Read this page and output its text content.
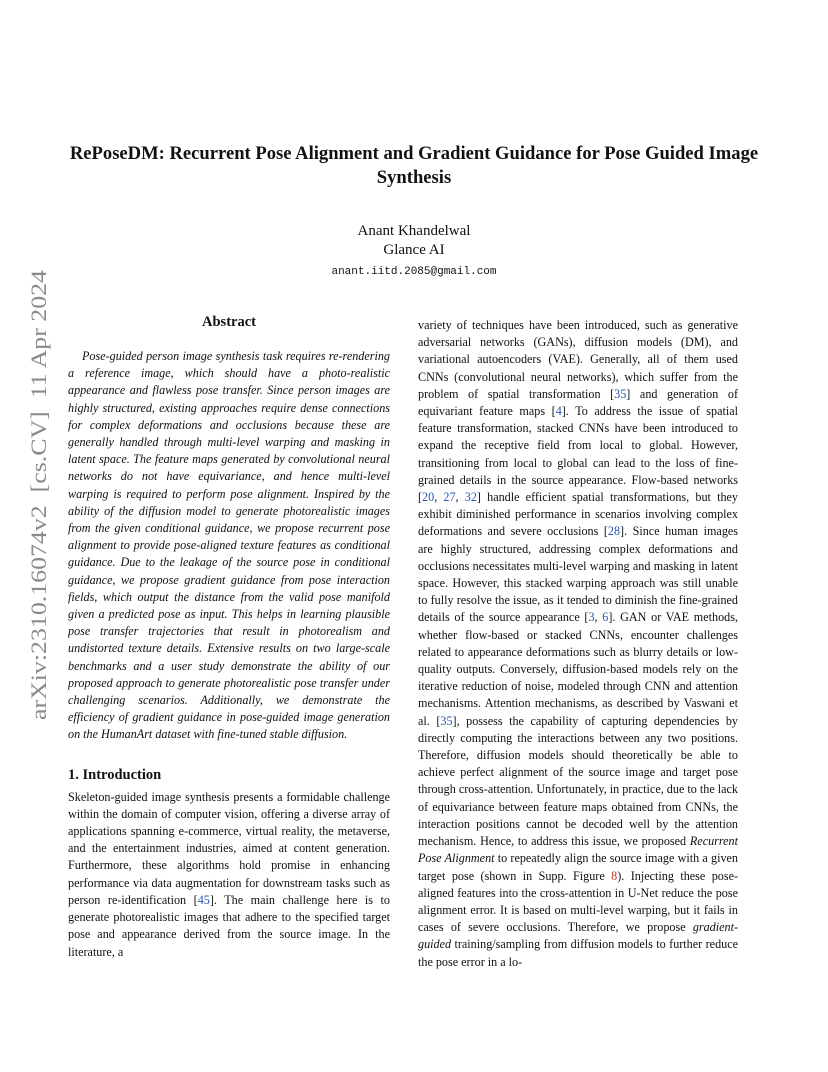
arXiv:2310.16074v2  [cs.CV]  11 Apr 2024
RePoseDM: Recurrent Pose Alignment and Gradient Guidance for Pose Guided Image Synthesis
Anant Khandelwal
Glance AI
anant.iitd.2085@gmail.com
Abstract

Pose-guided person image synthesis task requires re-rendering a reference image, which should have a photo-realistic appearance and flawless pose transfer. Since person images are highly structured, existing approaches require dense connections for complex deformations and occlusions because these are generally handled through multi-level warping and masking in latent space. The feature maps generated by convolutional neural networks do not have equivariance, and hence multi-level warping is required to perform pose alignment. Inspired by the ability of the diffusion model to generate photorealistic images from the given conditional guidance, we propose recurrent pose alignment to provide pose-aligned texture features as conditional guidance. Due to the leakage of the source pose in conditional guidance, we propose gradient guidance from pose interaction fields, which output the distance from the valid pose manifold given a predicted pose as input. This helps in learning plausible pose transfer trajectories that result in photorealism and undistorted texture details. Extensive results on two large-scale benchmarks and a user study demonstrate the ability of our proposed approach to generate photorealistic pose transfer under challenging scenarios. Additionally, we demonstrate the efficiency of gradient guidance in pose-guided image generation on the HumanArt dataset with fine-tuned stable diffusion.

1. Introduction

Skeleton-guided image synthesis presents a formidable challenge within the domain of computer vision, offering a diverse array of applications spanning e-commerce, virtual reality, the metaverse, and the entertainment industries, aimed at content generation. Furthermore, these algorithms hold promise in enhancing performance via data augmentation for downstream tasks such as person re-identification [45]. The main challenge here is to generate photorealistic images that adhere to the specified target pose and appearance derived from the source image. In the literature, a

variety of techniques have been introduced, such as generative adversarial networks (GANs), diffusion models (DM), and variational autoencoders (VAE). Generally, all of them used CNNs (convolutional neural networks), which suffer from the problem of spatial transformation [35] and generation of equivariant feature maps [4]. To address the issue of spatial feature transformation, stacked CNNs have been introduced to expand the receptive field from local to global. However, transitioning from local to global can lead to the loss of fine-grained details in the source appearance. Flow-based networks [20, 27, 32] handle efficient spatial transformations, but they exhibit diminished performance in scenarios involving complex deformations and severe occlusions [28]. Since human images are highly structured, addressing complex deformations and occlusions necessitates multi-level warping and masking in latent space. However, this stacked warping approach was still unable to fully resolve the issue, as it tended to diminish the fine-grained details of the source appearance [3, 6]. GAN or VAE methods, whether flow-based or stacked CNNs, encounter challenges related to appearance deformations such as blurry details or low-quality outputs. Conversely, diffusion-based models rely on the iterative reduction of noise, modeled through CNN and attention mechanisms. Attention mechanisms, as described by Vaswani et al. [35], possess the capability of capturing dependencies by directly computing the interactions between any two positions. Therefore, diffusion models should theoretically be able to achieve perfect alignment of the source image and target pose through cross-attention. Unfortunately, in practice, due to the lack of equivariance between feature maps obtained from CNNs, the interaction positions cannot be decoded well by the attention mechanism. Hence, to address this issue, we proposed Recurrent Pose Alignment to repeatedly align the source image with a given target pose (shown in Supp. Figure 8). Injecting these pose-aligned features into the cross-attention in U-Net reduce the pose alignment error. It is based on multi-level warping, but it fails in cases of severe occlusions. Therefore, we propose gradient-guided training/sampling from diffusion models to further reduce the pose error in a lo-
